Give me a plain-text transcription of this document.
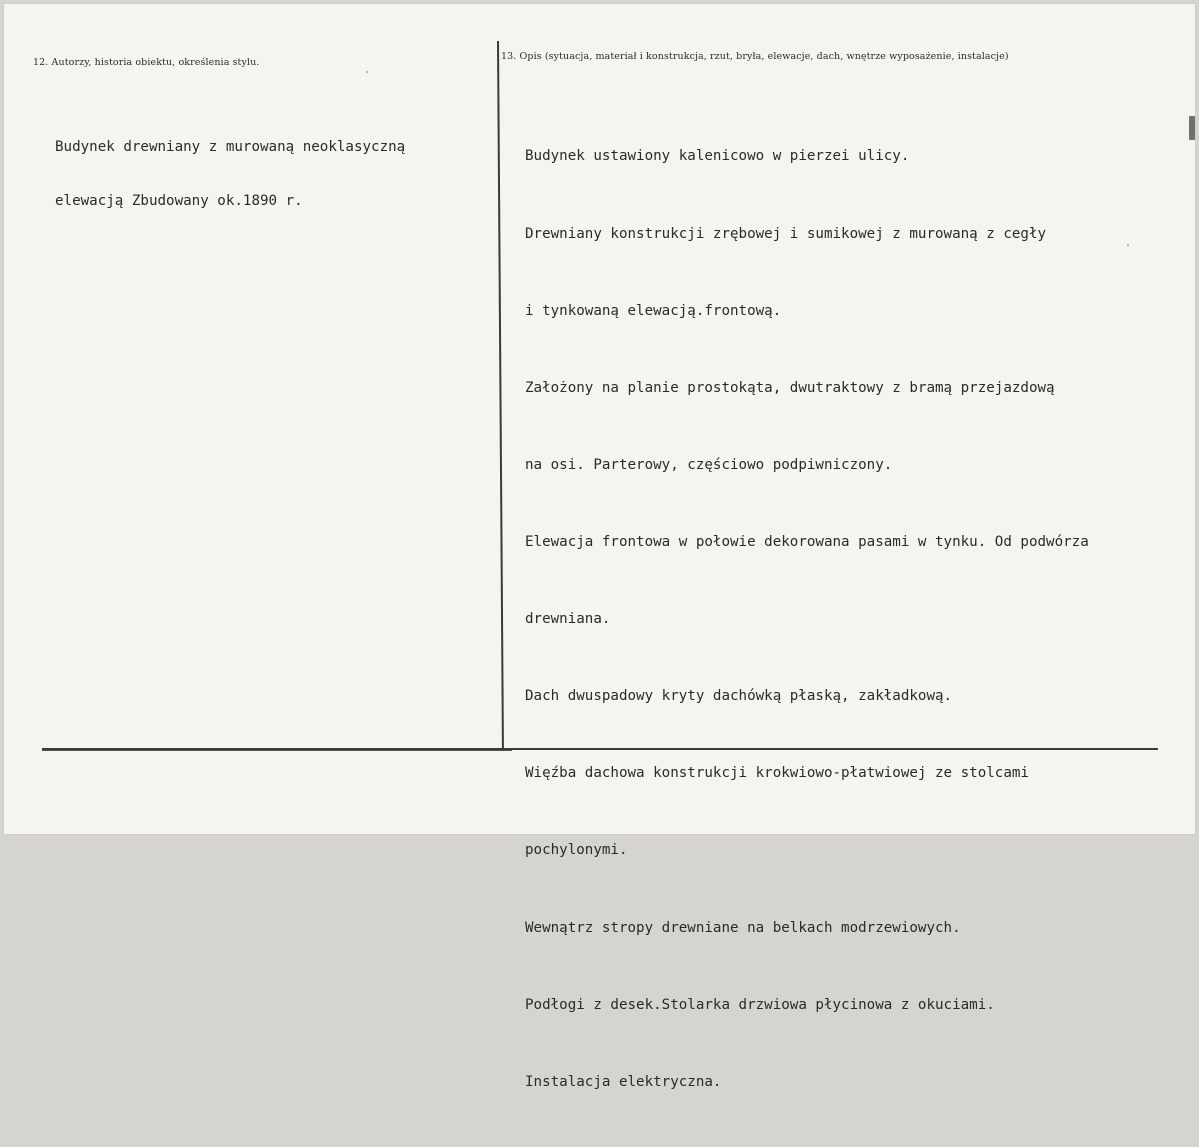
12. Autorzy, historia obiektu, określenia stylu.
13. Opis (sytuacja, materiał i konstrukcja, rzut, bryła, elewacje, dach, wnętrze wyposażenie, instalacje)

Budynek drewniany z murowaną neoklasyczną

elewacją Zbudowany ok.1890 r.

Budynek ustawiony kalenicowo w pierzei ulicy.

Drewniany konstrukcji zrębowej i sumikowej z murowaną z cegły

i tynkowaną elewacją.frontową.

Założony na planie prostokąta, dwutraktowy z bramą przejazdową

na osi. Parterowy, częściowo podpiwniczony.

Elewacja frontowa w połowie dekorowana pasami w tynku. Od podwórza

drewniana.

Dach dwuspadowy kryty dachówką płaską, zakładkową.

Więźba dachowa konstrukcji krokwiowo-płatwiowej ze stolcami

pochylonymi.

Wewnątrz stropy drewniane na belkach modrzewiowych.

Podłogi z desek.Stolarka drzwiowa płycinowa z okuciami.

Instalacja elektryczna.
